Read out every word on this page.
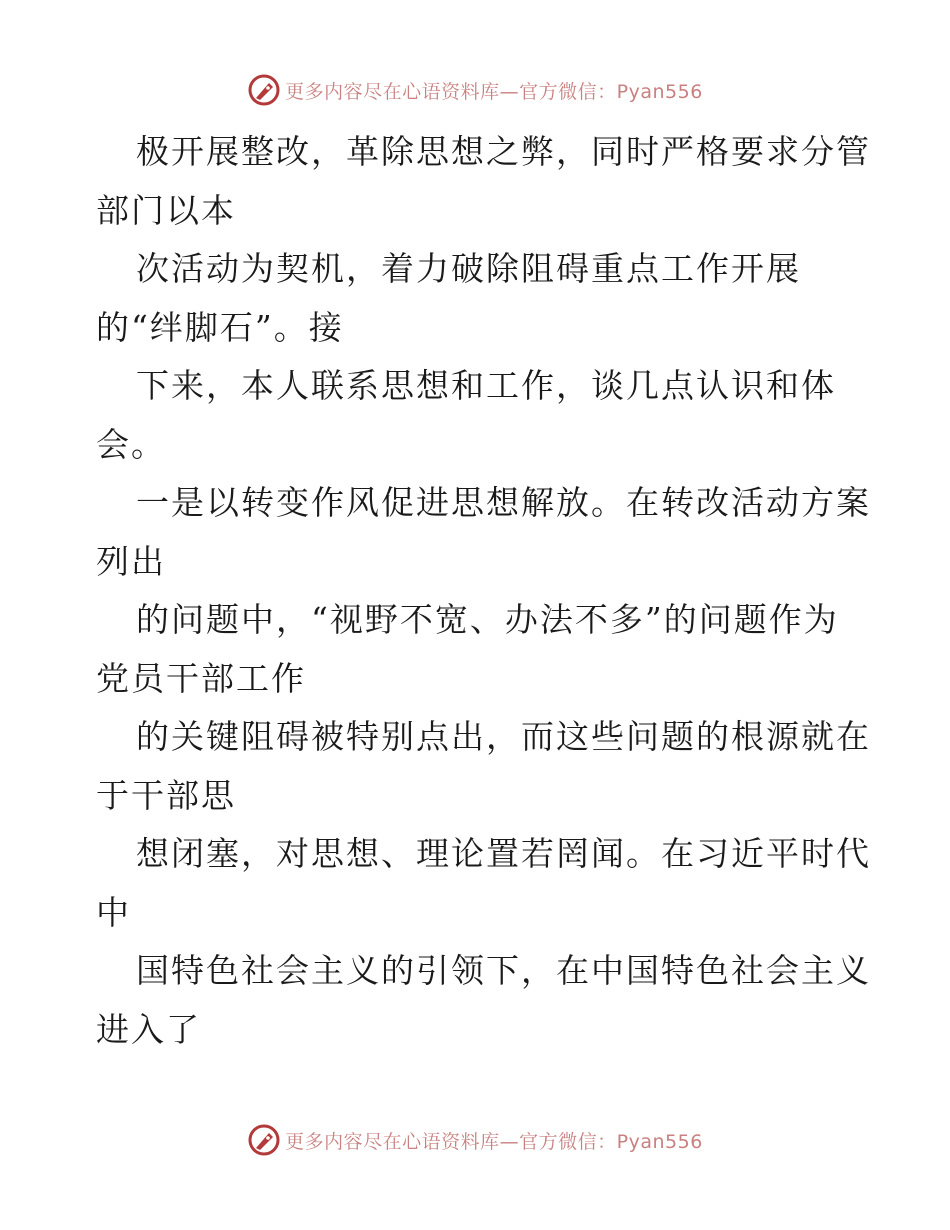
更多内容尽在心语资料库—官方微信：Pyan556
极开展整改，革除思想之弊，同时严格要求分管
部门以本
次活动为契机，着力破除阻碍重点工作开展
的“绊脚石”。接
下来，本人联系思想和工作，谈几点认识和体
会。
一是以转变作风促进思想解放。在转改活动方案
列出
的问题中，“视野不宽、办法不多”的问题作为
党员干部工作
的关键阻碍被特别点出，而这些问题的根源就在
于干部思
想闭塞，对思想、理论置若罔闻。在习近平时代
中
国特色社会主义的引领下，在中国特色社会主义
进入了
更多内容尽在心语资料库—官方微信：Pyan556
